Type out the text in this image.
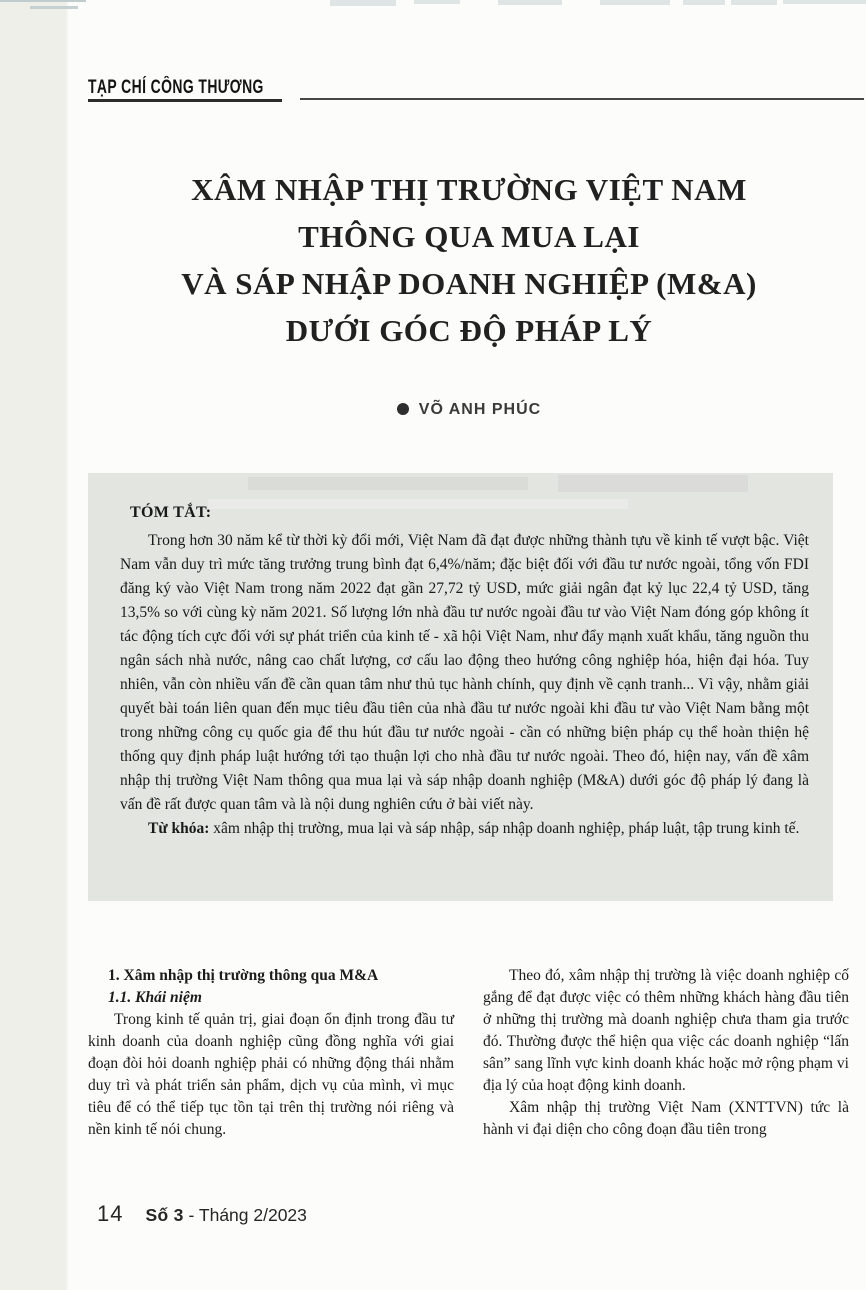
TẠP CHÍ CÔNG THƯƠNG
XÂM NHẬP THỊ TRƯỜNG VIỆT NAM
THÔNG QUA MUA LẠI
VÀ SÁP NHẬP DOANH NGHIỆP (M&A)
DƯỚI GÓC ĐỘ PHÁP LÝ
VÕ ANH PHÚC
TÓM TẮT:

Trong hơn 30 năm kể từ thời kỳ đổi mới, Việt Nam đã đạt được những thành tựu về kinh tế vượt bậc. Việt Nam vẫn duy trì mức tăng trưởng trung bình đạt 6,4%/năm; đặc biệt đối với đầu tư nước ngoài, tổng vốn FDI đăng ký vào Việt Nam trong năm 2022 đạt gần 27,72 tỷ USD, mức giải ngân đạt kỷ lục 22,4 tỷ USD, tăng 13,5% so với cùng kỳ năm 2021. Số lượng lớn nhà đầu tư nước ngoài đầu tư vào Việt Nam đóng góp không ít tác động tích cực đối với sự phát triển của kinh tế - xã hội Việt Nam, như đẩy mạnh xuất khẩu, tăng nguồn thu ngân sách nhà nước, nâng cao chất lượng, cơ cấu lao động theo hướng công nghiệp hóa, hiện đại hóa. Tuy nhiên, vẫn còn nhiều vấn đề cần quan tâm như thủ tục hành chính, quy định về cạnh tranh... Vì vậy, nhằm giải quyết bài toán liên quan đến mục tiêu đầu tiên của nhà đầu tư nước ngoài khi đầu tư vào Việt Nam bằng một trong những công cụ quốc gia để thu hút đầu tư nước ngoài - cần có những biện pháp cụ thể hoàn thiện hệ thống quy định pháp luật hướng tới tạo thuận lợi cho nhà đầu tư nước ngoài. Theo đó, hiện nay, vấn đề xâm nhập thị trường Việt Nam thông qua mua lại và sáp nhập doanh nghiệp (M&A) dưới góc độ pháp lý đang là vấn đề rất được quan tâm và là nội dung nghiên cứu ở bài viết này.

Từ khóa: xâm nhập thị trường, mua lại và sáp nhập, sáp nhập doanh nghiệp, pháp luật, tập trung kinh tế.

1. Xâm nhập thị trường thông qua M&A
1.1. Khái niệm

Trong kinh tế quản trị, giai đoạn ổn định trong đầu tư kinh doanh của doanh nghiệp cũng đồng nghĩa với giai đoạn đòi hỏi doanh nghiệp phải có những động thái nhằm duy trì và phát triển sản phẩm, dịch vụ của mình, vì mục tiêu để có thể tiếp tục tồn tại trên thị trường nói riêng và nền kinh tế nói chung.

Theo đó, xâm nhập thị trường là việc doanh nghiệp cố gắng để đạt được việc có thêm những khách hàng đầu tiên ở những thị trường mà doanh nghiệp chưa tham gia trước đó. Thường được thể hiện qua việc các doanh nghiệp “lấn sân” sang lĩnh vực kinh doanh khác hoặc mở rộng phạm vi địa lý của hoạt động kinh doanh.

Xâm nhập thị trường Việt Nam (XNTTVN) tức là hành vi đại diện cho công đoạn đầu tiên trong

14 Số 3 - Tháng 2/2023
